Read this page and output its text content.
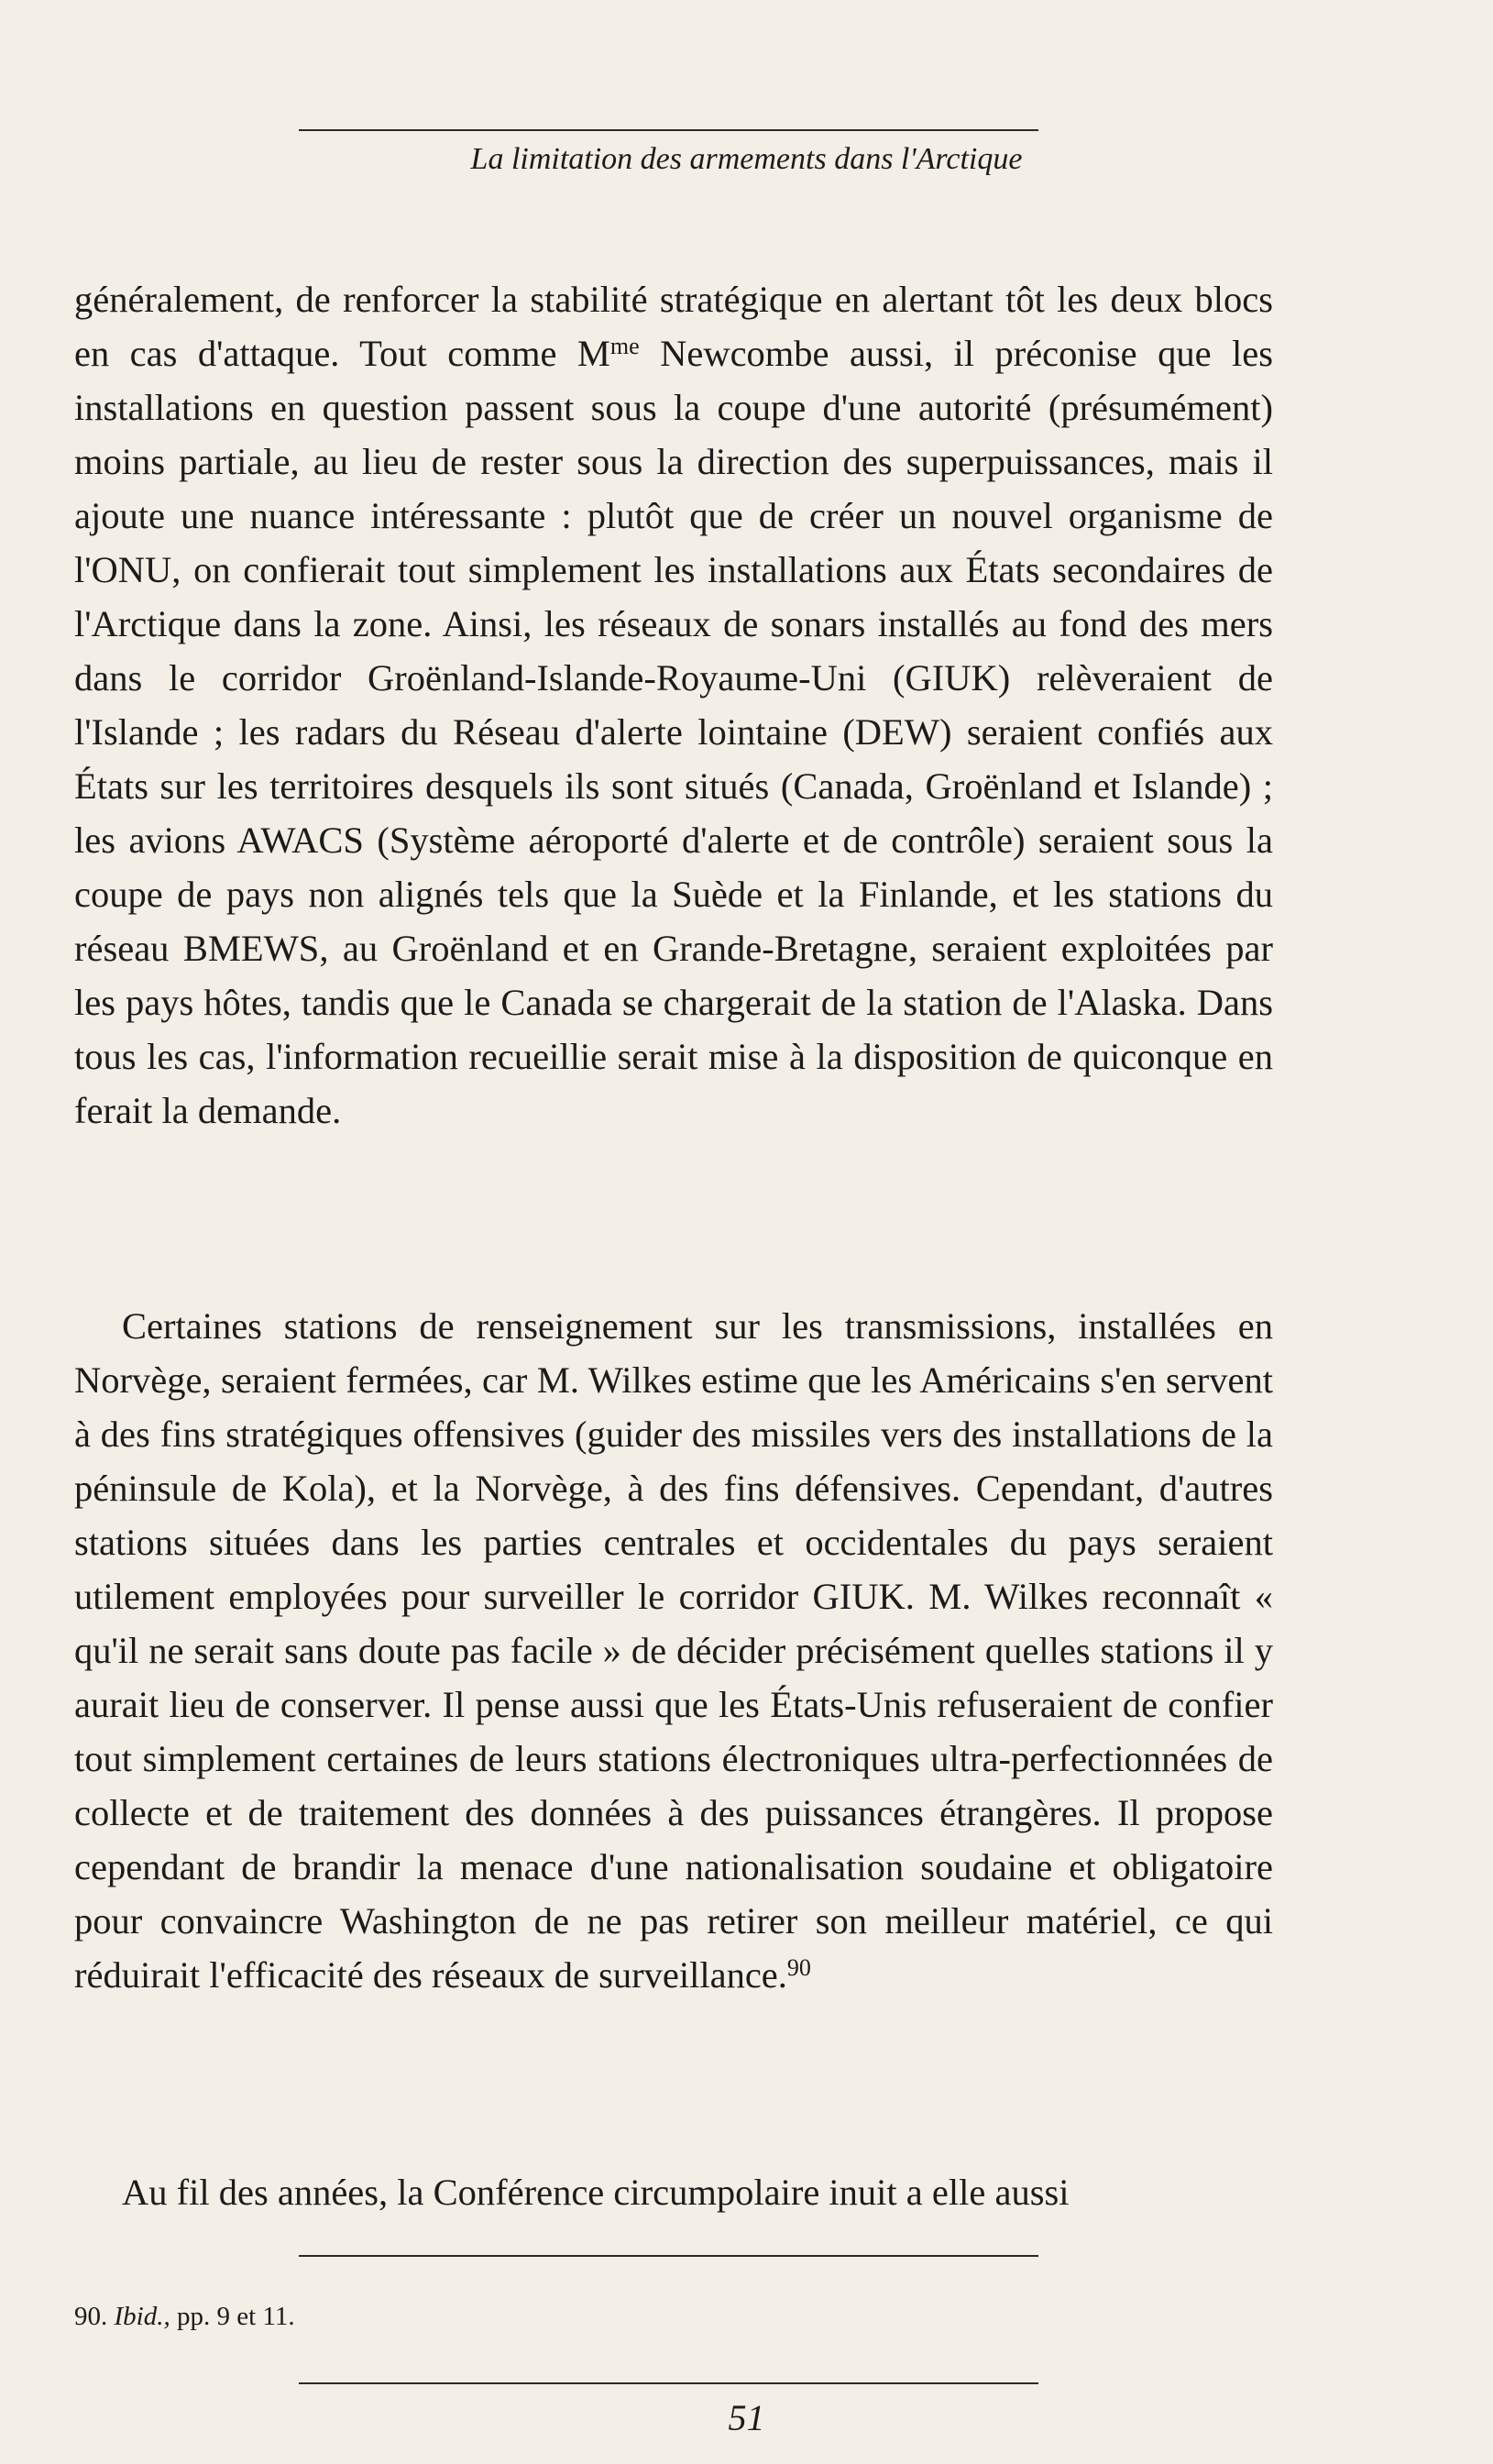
La limitation des armements dans l'Arctique

généralement, de renforcer la stabilité stratégique en alertant tôt les deux blocs en cas d'attaque. Tout comme $M^{me}$ Newcombe aussi, il préconise que les installations en question passent sous la coupe d'une autorité (présumément) moins partiale, au lieu de rester sous la direction des superpuissances, mais il ajoute une nuance intéressante : plutôt que de créer un nouvel organisme de l'ONU, on confierait tout simplement les installations aux États secondaires de l'Arctique dans la zone. Ainsi, les réseaux de sonars installés au fond des mers dans le corridor Groënland-Islande-Royaume-Uni (GIUK) relèveraient de l'Islande ; les radars du Réseau d'alerte lointaine (DEW) seraient confiés aux États sur les territoires desquels ils sont situés (Canada, Groënland et Islande) ; les avions AWACS (Système aéroporté d'alerte et de contrôle) seraient sous la coupe de pays non alignés tels que la Suède et la Finlande, et les stations du réseau BMEWS, au Groënland et en Grande-Bretagne, seraient exploitées par les pays hôtes, tandis que le Canada se chargerait de la station de l'Alaska. Dans tous les cas, l'information recueillie serait mise à la disposition de quiconque en ferait la demande.

Certaines stations de renseignement sur les transmissions, installées en Norvège, seraient fermées, car M. Wilkes estime que les Américains s'en servent à des fins stratégiques offensives (guider des missiles vers des installations de la péninsule de Kola), et la Norvège, à des fins défensives. Cependant, d'autres stations situées dans les parties centrales et occidentales du pays seraient utilement employées pour surveiller le corridor GIUK. M. Wilkes reconnaît « qu'il ne serait sans doute pas facile » de décider précisément quelles stations il y aurait lieu de conserver. Il pense aussi que les États-Unis refuseraient de confier tout simplement certaines de leurs stations électroniques ultra-perfectionnées de collecte et de traitement des données à des puissances étrangères. Il propose cependant de brandir la menace d'une nationalisation soudaine et obligatoire pour convaincre Washington de ne pas retirer son meilleur matériel, ce qui réduirait l'efficacité des réseaux de surveillance.$^{90}$

Au fil des années, la Conférence circumpolaire inuit a elle aussi

90. Ibid., pp. 9 et 11.
51
